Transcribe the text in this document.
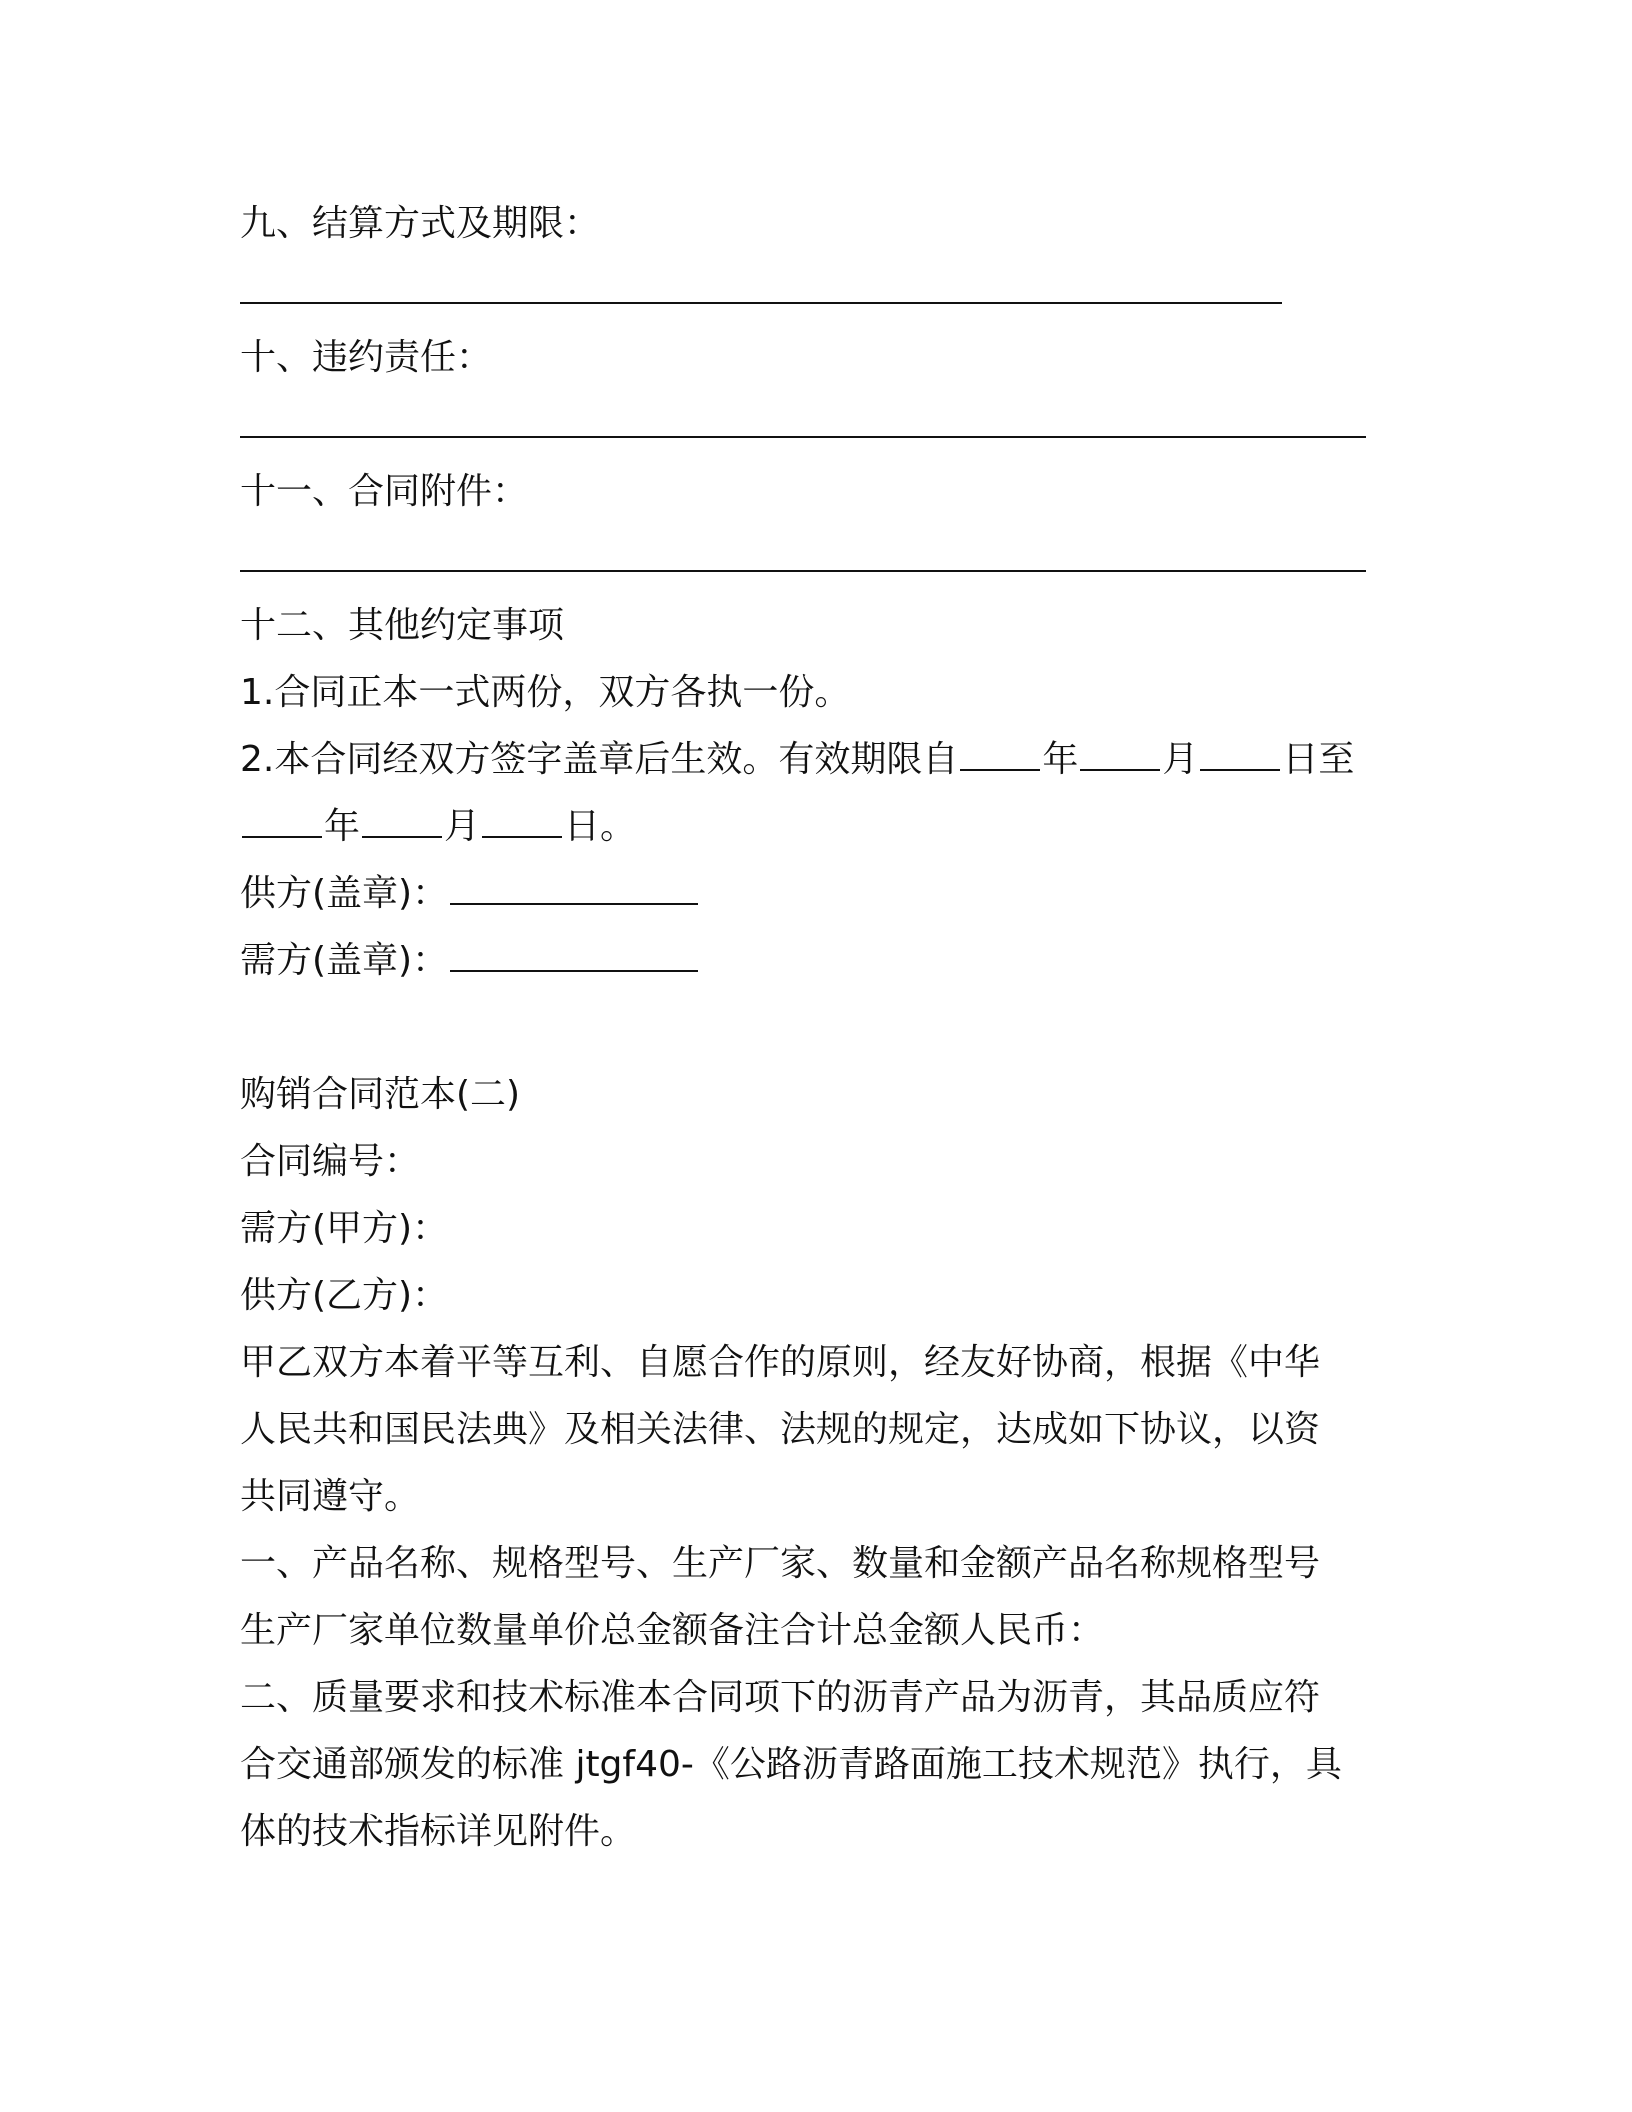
九、结算方式及期限：
十、违约责任：
十一、合同附件：
十二、其他约定事项
1.合同正本一式两份，双方各执一份。
2.本合同经双方签字盖章后生效。有效期限自 年 月 日至
年 月 日。
供方(盖章)：
需方(盖章)：
购销合同范本(二)
合同编号：
需方(甲方)：
供方(乙方)：
甲乙双方本着平等互利、自愿合作的原则，经友好协商，根据《中华
人民共和国民法典》及相关法律、法规的规定，达成如下协议，以资
共同遵守。
一、产品名称、规格型号、生产厂家、数量和金额产品名称规格型号
生产厂家单位数量单价总金额备注合计总金额人民币：
二、质量要求和技术标准本合同项下的沥青产品为沥青，其品质应符
合交通部颁发的标准 jtgf40-《公路沥青路面施工技术规范》执行，具
体的技术指标详见附件。
